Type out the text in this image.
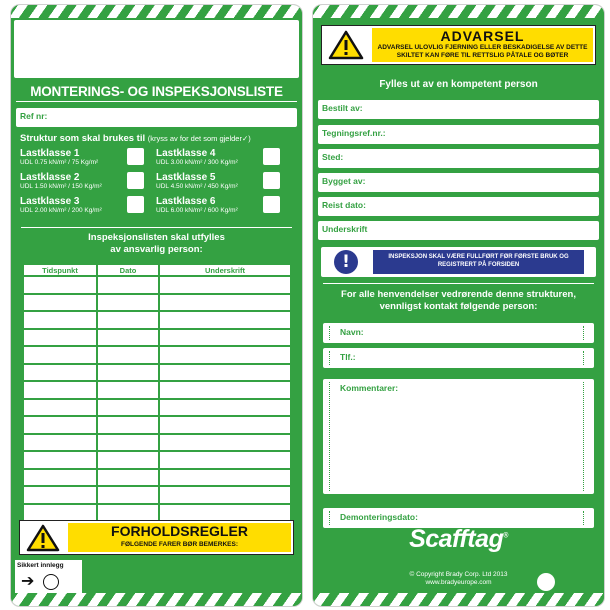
MONTERINGS- OG INSPEKSJONSLISTE
Ref nr:
Struktur som skal brukes til (kryss av for det som gjelder✓)
Lastklasse 1
UDL 0.75 kN/m² / 75 Kg/m²
Lastklasse 4
UDL 3.00 kN/m² / 300 Kg/m²
Lastklasse 2
UDL 1.50 kN/m² / 150 Kg/m²
Lastklasse 5
UDL 4.50 kN/m² / 450 Kg/m²
Lastklasse 3
UDL 2.00 kN/m² / 200 Kg/m²
Lastklasse 6
UDL 6.00 kN/m² / 600 Kg/m²
Inspeksjonslisten skal utfylles
av ansvarlig person:
Tidspunkt	Dato	Underskrift

FORHOLDSREGLER
FØLGENDE FARER BØR BEMERKES:
Sikkert innlegg
➔
ADVARSEL
ADVARSEL ULOVLIG FJERNING ELLER BESKADIGELSE AV DETTE SKILTET KAN FØRE TIL RETTSLIG PÅTALE OG BØTER
Fylles ut av en kompetent person
Bestilt av:
Tegningsref.nr.:
Sted:
Bygget av:
Reist dato:
Underskrift
!	INSPEKSJON SKAL VÆRE FULLFØRT FØR FØRSTE BRUK OG REGISTRERT PÅ FORSIDEN
For alle henvendelser vedrørende denne strukturen,
vennligst kontakt følgende person:
Navn:
Tlf.:
Kommentarer:
Demonteringsdato:
Scafftag®
© Copyright Brady Corp. Ltd 2013
www.bradyeurope.com
